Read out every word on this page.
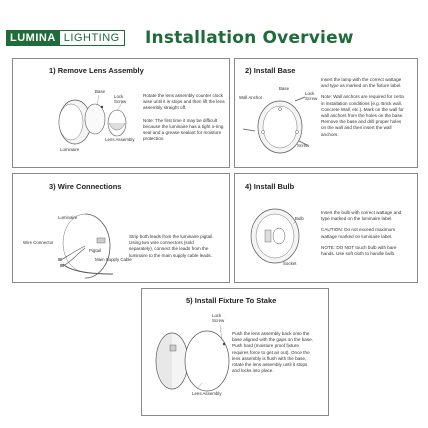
LUMINA LIGHTING Installation Overview
1) Remove Lens Assembly
Base
Lock Screw
Lens Assembly
Luminaire
Rotate the lens assembly counter clock
wise until it is stops and then lift the lens
assembly straight off.
Note: The first time it may be difficult
because the luminaire has a tight o-ring
seal and a grease sealant for moisture
protection.
2) Install Base
Base
Wall Anchor
Lock Screw
Screw
Insert the lamp with the correct wattage
and type as marked on the fixture label.
Note: Wall anchors are required for certa
in installation conditions (e.g. Brick wall,
Concrete Wall, etc.). Mark on the wall for
wall anchors from the holes on the base.
Remove the base and drill proper holes
on the wall and then insert the wall
anchors.
3) Wire Connections
Luminaire
Wire Connector
Pigtail
Main Supply Cable
Strip both leads from the luminaire pigtail.
Using two wire connectors (sold
separately), connect the leads from the
luminaire to the main supply cable leads.
4) Install Bulb
Bulb
Socket
Insert the bulb with correct wattage and
type marked on the luminaire label.
CAUTION: Do not exceed maximum
wattage marked on luminaire label.
NOTE: DO NOT touch bulb with bare
hands. Use soft cloth to handle bulb.
5) Install Fixture To Stake
Lock Screw
Lens Assembly
Push the lens assembly back onto the
base aligned with the gaps on the base.
Push hard (moisture proof fixture
requires force to get air out). Once the
lens assembly is flush with the base,
rotate the lens assembly until it stops
and locks into place.
